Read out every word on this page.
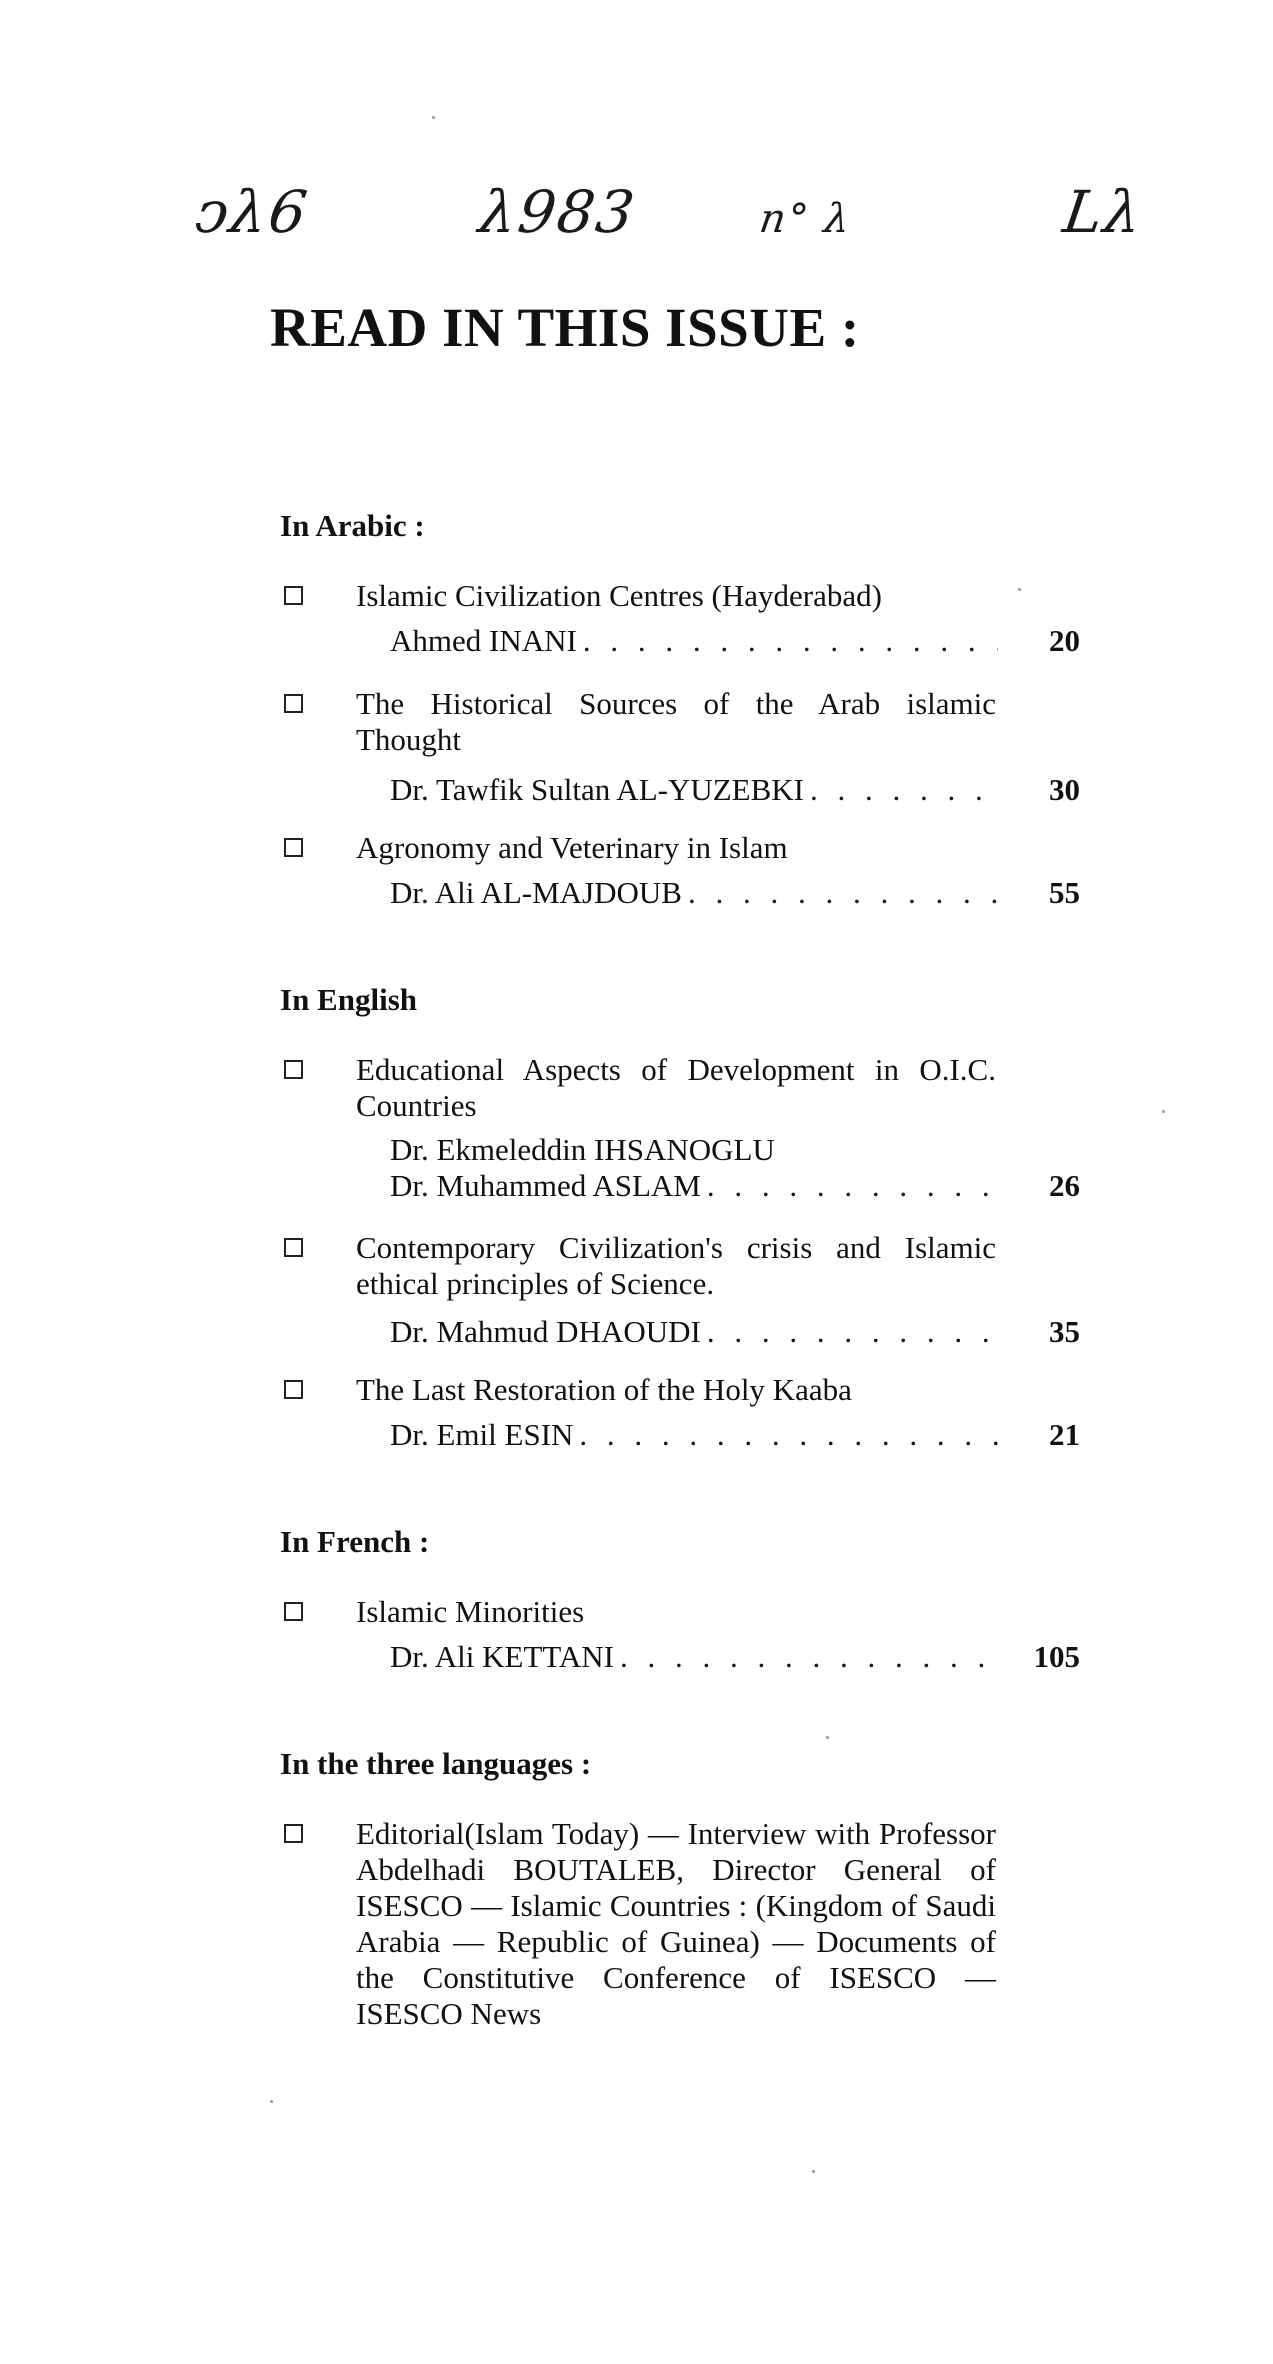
ↄλ6	λ983	n° λ	Lλ
READ IN THIS ISSUE :
In Arabic :

Islamic Civilization Centres (Hayderabad)

Ahmed INANI . . .	20

The Historical Sources of the Arab islamic Thought

Dr. Tawfik Sultan AL-YUZEBKI . . .	30

Agronomy and Veterinary in Islam

Dr. Ali AL-MAJDOUB . . .	55
In English

Educational Aspects of Development in O.I.C. Countries

Dr. Ekmeleddin IHSANOGLU
Dr. Muhammed ASLAM . . .	26

Contemporary Civilization's crisis and Islamic ethical principles of Science.

Dr. Mahmud DHAOUDI . . .	35

The Last Restoration of the Holy Kaaba

Dr. Emil ESIN . . .	21
In French :

Islamic Minorities

Dr. Ali KETTANI . . .	105
In the three languages :

Editorial(Islam Today) — Interview with Professor Abdelhadi BOUTALEB, Director General of ISESCO — Islamic Countries : (Kingdom of Saudi Arabia — Republic of Guinea) — Documents of the Constitutive Conference of ISESCO — ISESCO News
